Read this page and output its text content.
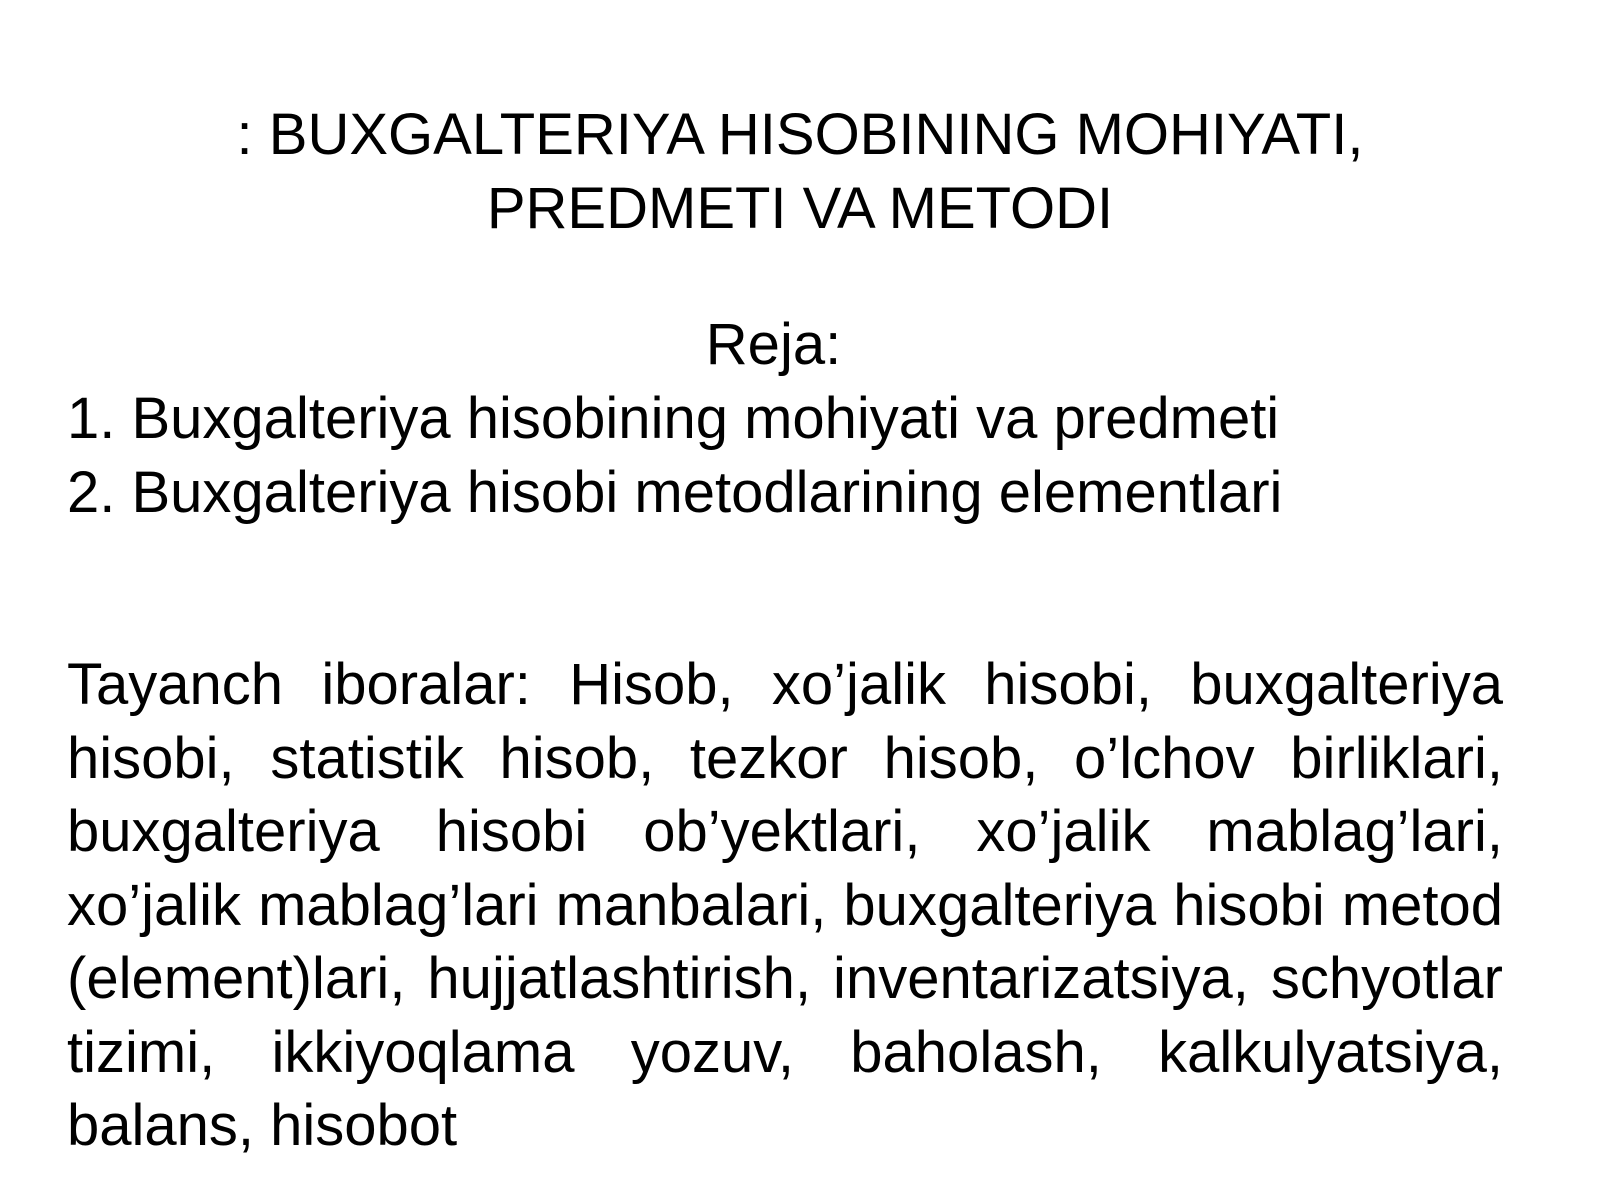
: BUXGALTERIYA HISOBINING MOHIYATI,
PREDMETI VA METODI
Reja:
1. Buxgalteriya hisobining mohiyati va predmeti
2. Buxgalteriya hisobi metodlarining elementlari

Tayanch iboralar: Hisob, xo’jalik hisobi, buxgalteriya hisobi, statistik hisob, tezkor hisob, o’lchov birliklari, buxgalteriya hisobi ob’yektlari, xo’jalik mablag’lari, xo’jalik mablag’lari manbalari, buxgalteriya hisobi metod (element)lari, hujjatlashtirish, inventarizatsiya, schyotlar tizimi, ikkiyoqlama yozuv, baholash, kalkulyatsiya, balans, hisobot
